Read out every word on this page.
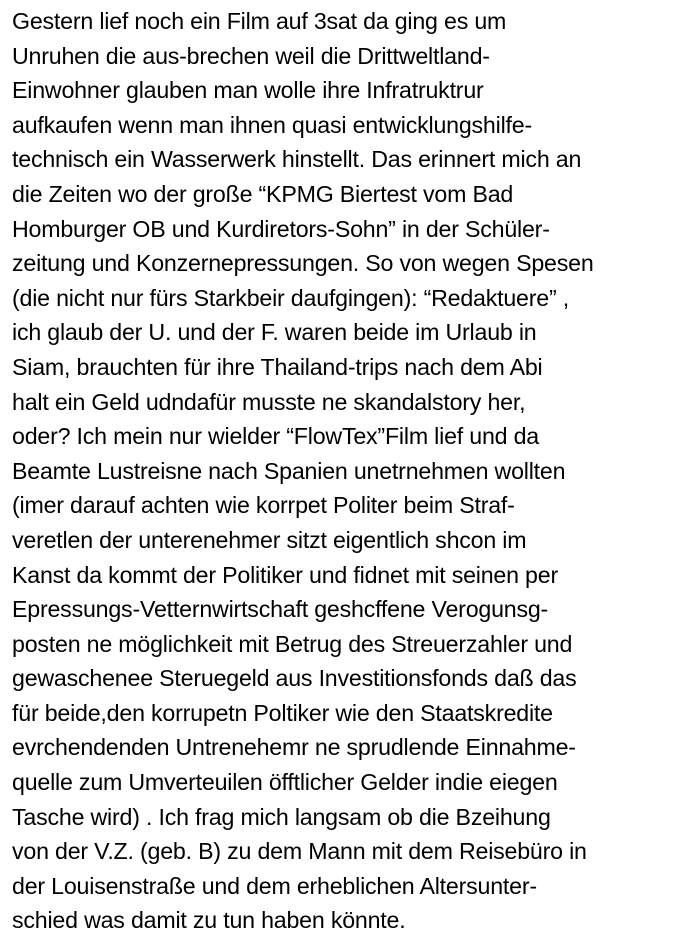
Gestern lief noch ein Film auf 3sat da ging es um
Unruhen die aus-brechen weil die Drittweltland-
Einwohner glauben man wolle ihre Infratruktrur
aufkaufen wenn man ihnen quasi entwicklungshilfe-
technisch ein Wasserwerk hinstellt. Das erinnert mich an
die Zeiten wo der große “KPMG Biertest vom Bad
Homburger OB und Kurdiretors-Sohn” in der Schüler-
zeitung und Konzernepressungen. So von wegen Spesen
(die nicht nur fürs Starkbeir daufgingen): “Redaktuere” ,
ich glaub der U. und der F. waren beide im Urlaub in
Siam, brauchten für ihre Thailand-trips nach dem Abi
halt ein Geld udndafür musste ne skandalstory her,
oder? Ich mein nur wielder “FlowTex”Film lief und da
Beamte Lustreisne nach Spanien unetrnehmen wollten
(imer darauf achten wie korrpet Politer beim Straf-
veretlen der unterenehmer sitzt eigentlich shcon im
Kanst da kommt der Politiker und fidnet mit seinen per
Epressungs-Vetternwirtschaft geshcffene Verogunsg-
posten ne möglichkeit mit Betrug des Streuerzahler und
gewaschenee Steruegeld aus Investitionsfonds daß das
für beide,den korrupetn Poltiker wie den Staatskredite
evrchendenden Untrenehemr ne sprudlende Einnahme-
quelle zum Umverteuilen öfftlicher Gelder indie eiegen
Tasche wird) . Ich frag mich langsam ob die Bzeihung
von der V.Z. (geb. B) zu dem Mann mit dem Reisebüro in
der Louisenstraße und dem erheblichen Altersunter-
schied was damit zu tun haben könnte.
